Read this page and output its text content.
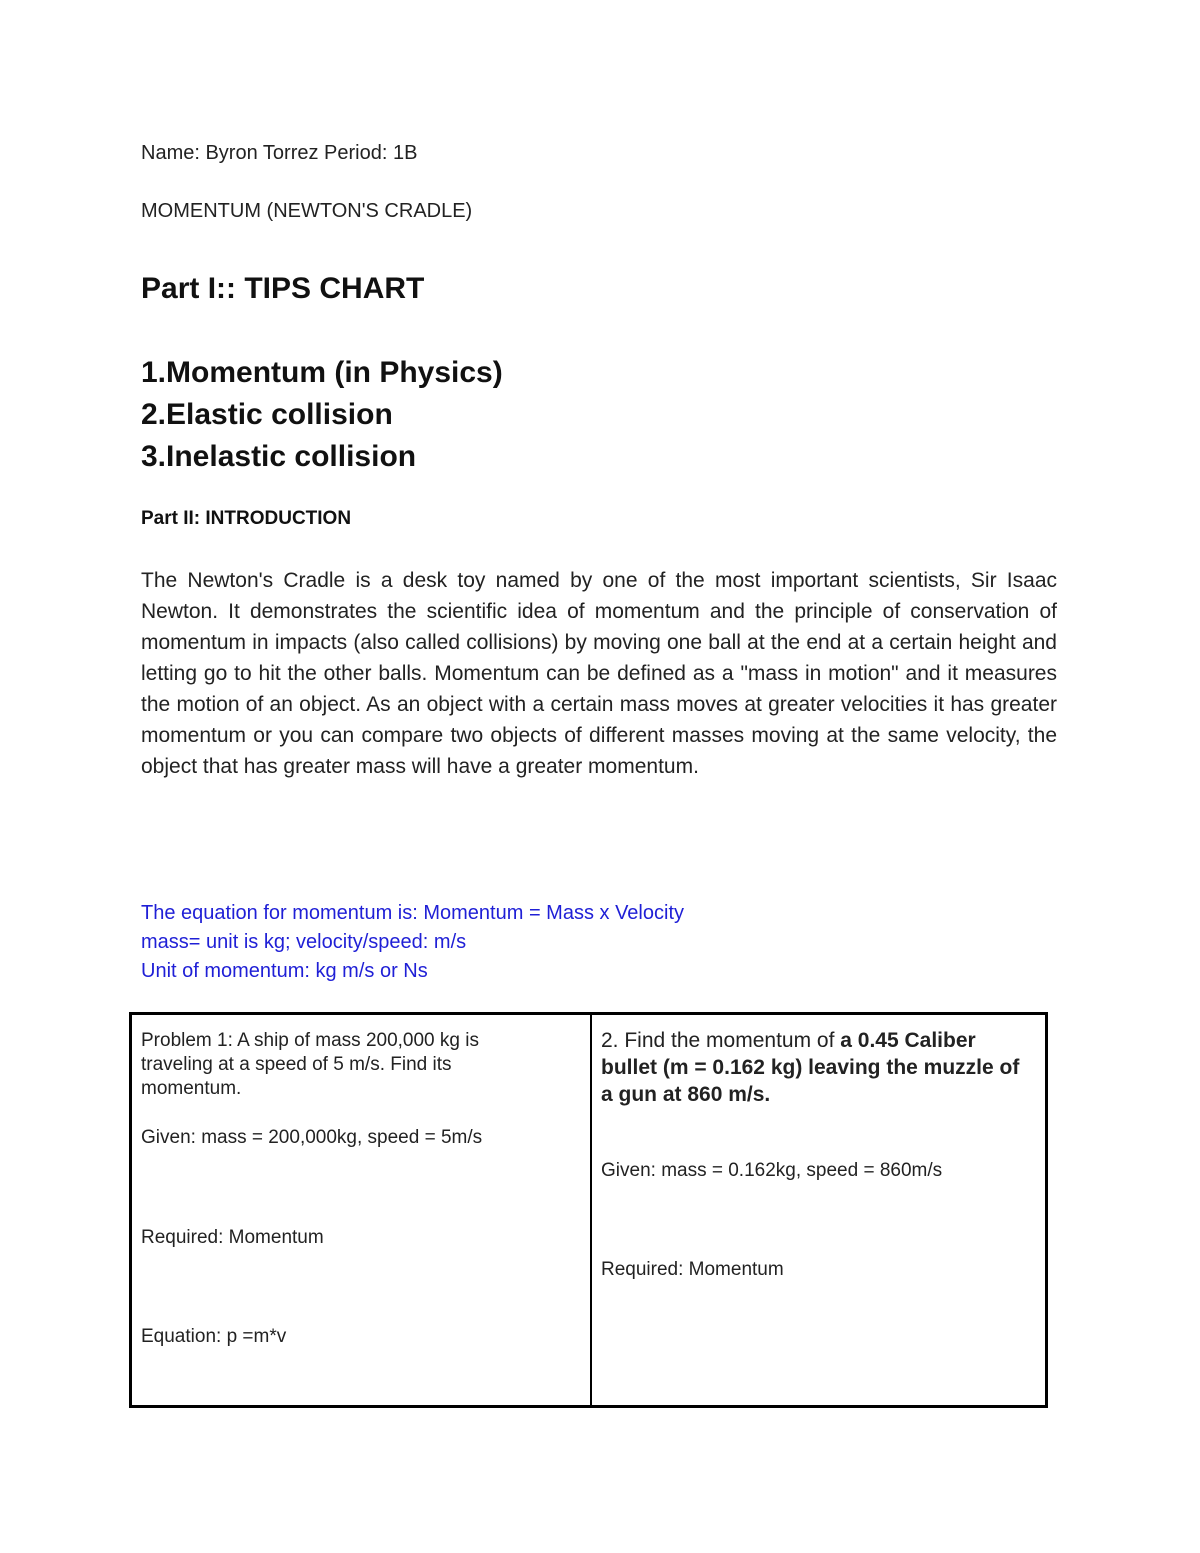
Name: Byron Torrez Period: 1B
MOMENTUM (NEWTON'S CRADLE)
Part I:: TIPS CHART
1.Momentum (in Physics)
2.Elastic collision
3.Inelastic collision
Part II: INTRODUCTION

The Newton's Cradle is a desk toy named by one of the most important scientists, Sir Isaac Newton. It demonstrates the scientific idea of momentum and the principle of conservation of momentum in impacts (also called collisions) by moving one ball at the end at a certain height and letting go to hit the other balls. Momentum can be defined as a "mass in motion" and it measures the motion of an object. As an object with a certain mass moves at greater velocities it has greater momentum or you can compare two objects of different masses moving at the same velocity, the object that has greater mass will have a greater momentum.

The equation for momentum is: Momentum = Mass x Velocity
mass= unit is kg; velocity/speed: m/s
Unit of momentum: kg m/s or Ns
Problem 1: A ship of mass 200,000 kg is traveling at a speed of 5 m/s. Find its momentum.
Given: mass = 200,000kg, speed = 5m/s
Required: Momentum
Equation: p =m*v
2. Find the momentum of a 0.45 Caliber bullet (m = 0.162 kg) leaving the muzzle of a gun at 860 m/s.
Given: mass = 0.162kg, speed = 860m/s
Required: Momentum
